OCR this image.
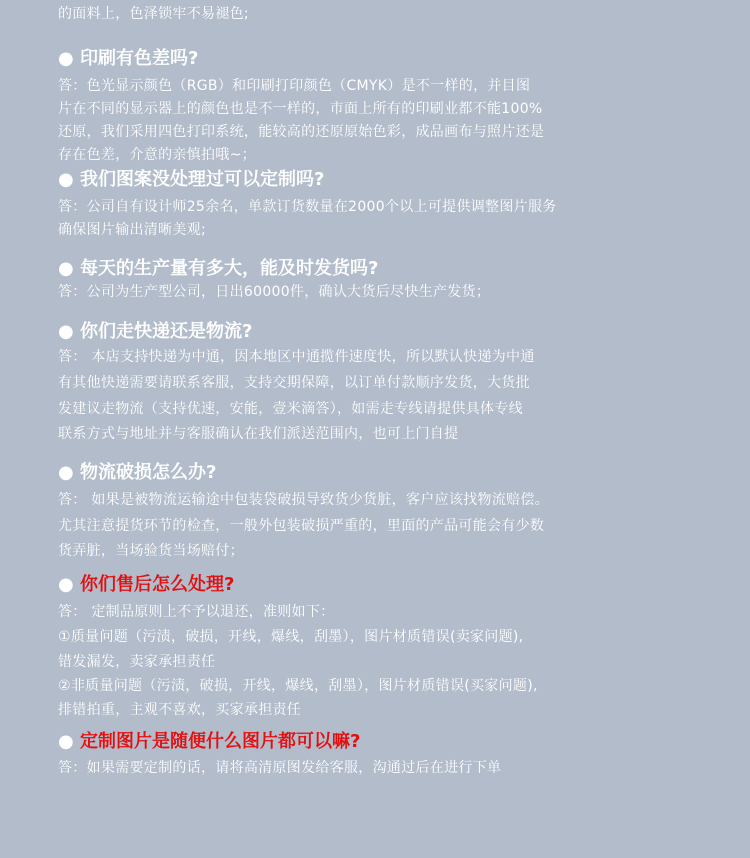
的面料上，色泽锁牢不易褪色;
● 印刷有色差吗?
答：色光显示颜色（RGB）和印刷打印颜色（CMYK）是不一样的，并目图
片在不同的显示器上的颜色也是不一样的，市面上所有的印刷业都不能100%
还原，我们采用四色打印系统，能较高的还原原始色彩，成品画布与照片还是
存在色差，介意的亲慎拍哦~；
● 我们图案没处理过可以定制吗?
答：公司自有设计师25余名，单款订货数量在2000个以上可提供调整图片服务
确保图片输出清晰美观;
● 每天的生产量有多大，能及时发货吗?
答：公司为生产型公司，日出60000件，确认大货后尽快生产发货；
● 你们走快递还是物流?
答： 本店支持快递为中通，因本地区中通揽件速度快，所以默认快递为中通
有其他快递需要请联系客服，支持交期保障，以订单付款顺序发货，大货批
发建议走物流（支持优速，安能，壹米滴答），如需走专线请提供具体专线
联系方式与地址并与客服确认在我们派送范围内，也可上门自提
● 物流破损怎么办?
答： 如果是被物流运输途中包装袋破损导致货少货脏，客户应该找物流赔偿。
尤其注意提货环节的检查，一般外包装破损严重的，里面的产品可能会有少数
货弄脏，当场验货当场赔付；
● 你们售后怎么处理?
答： 定制品原则上不予以退还，准则如下：
①质量问题（污渍，破损，开线，爆线，刮墨），图片材质错误(卖家问题),
错发漏发，卖家承担责任
②非质量问题（污渍，破损，开线，爆线，刮墨），图片材质错误(买家问题),
排错拍重，主观不喜欢，买家承担责任
● 定制图片是随便什么图片都可以嘛?
答：如果需要定制的话，请将高清原图发给客服，沟通过后在进行下单
